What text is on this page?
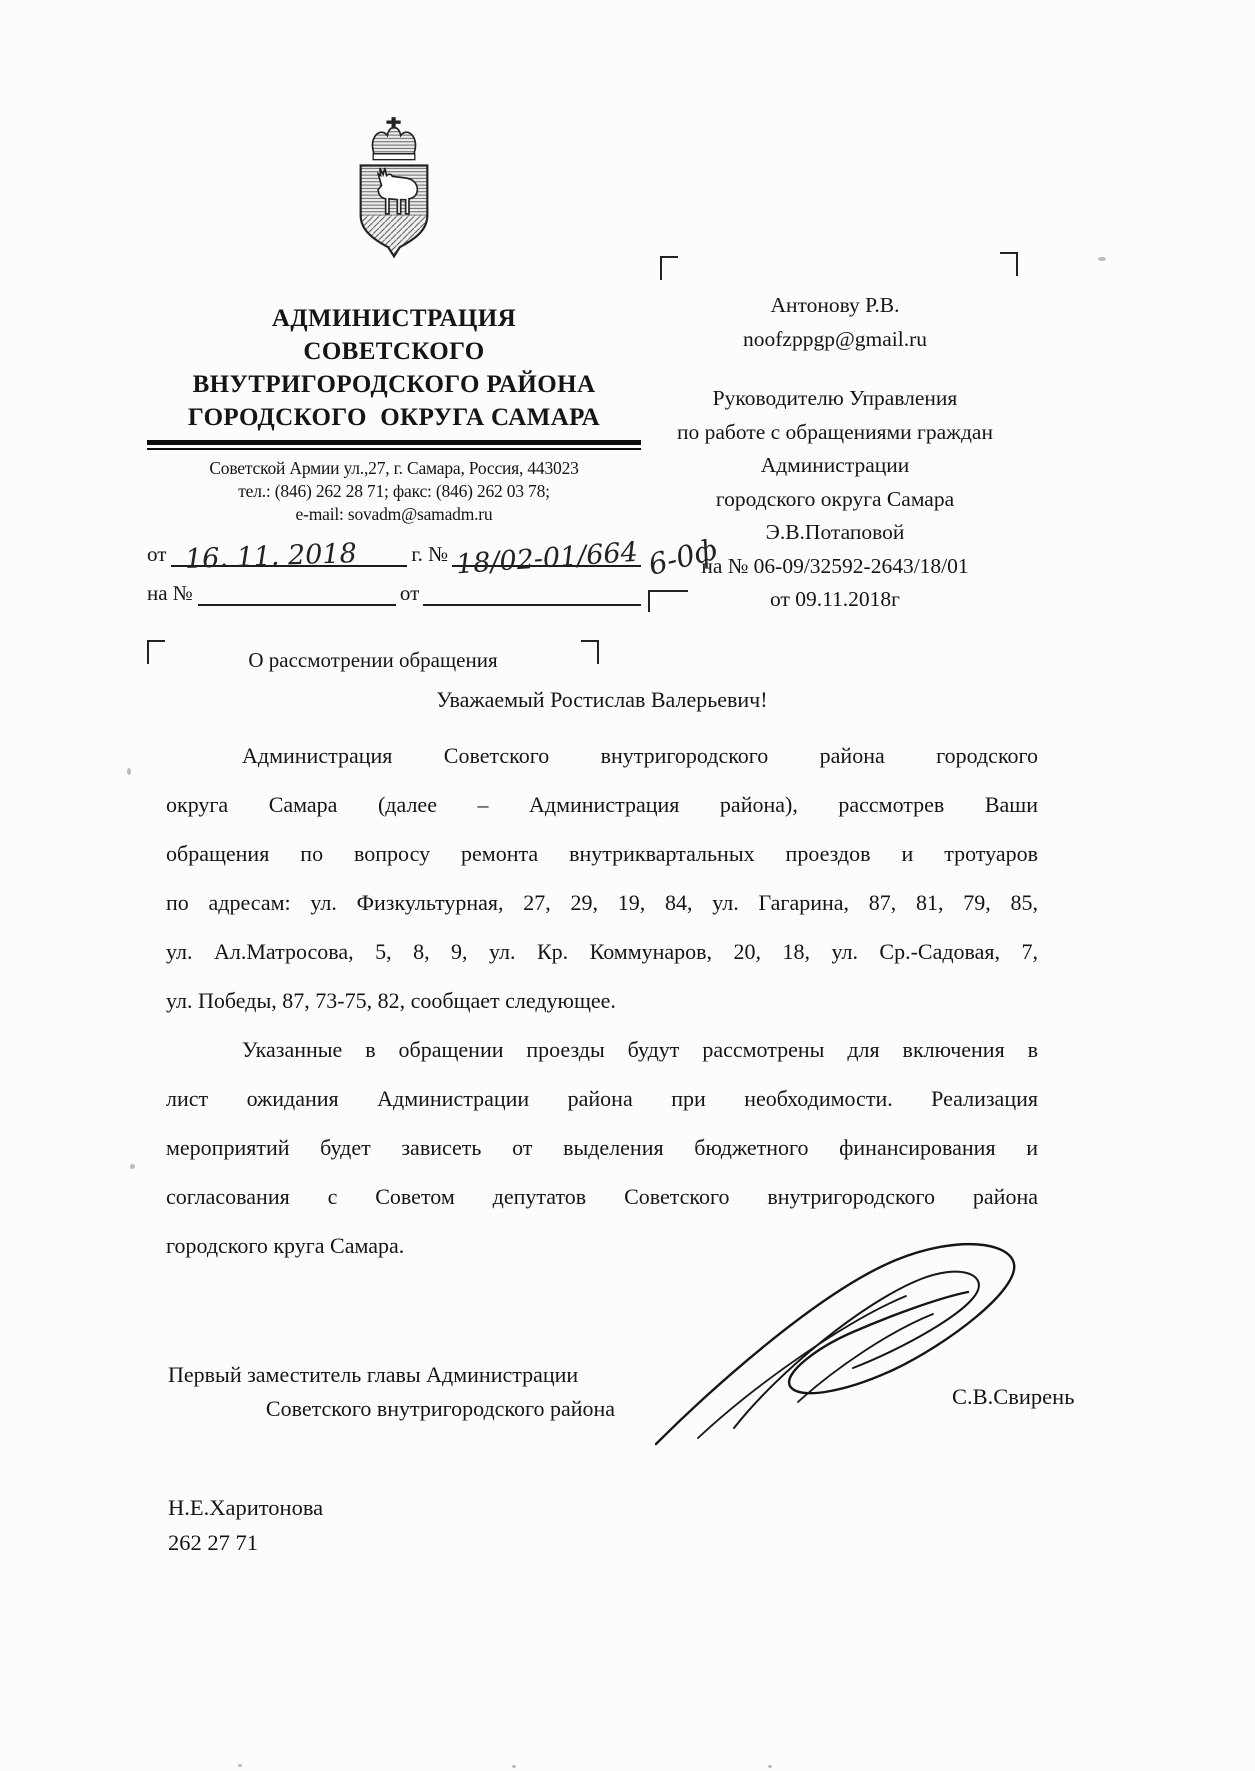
АДМИНИСТРАЦИЯ
СОВЕТСКОГО
ВНУТРИГОРОДСКОГО РАЙОНА
ГОРОДСКОГО  ОКРУГА САМАРА
Советской Армии ул.,27, г. Самара, Россия, 443023
тел.: (846) 262 28 71; факс: (846) 262 03 78;
e-mail: sovadm@samadm.ru
от 16. 11. 2018	г. № 18/02-01/664
на №	от
О рассмотрении обращения
6-0ф
Антонову Р.В.
noofzppgp@gmail.ru
Руководителю Управления
по работе с обращениями граждан
Администрации
городского округа Самара
Э.В.Потаповой
на № 06-09/32592-2643/18/01
от 09.11.2018г
Уважаемый Ростислав Валерьевич!
Администрация Советского внутригородского района городского
округа Самара (далее – Администрация района), рассмотрев Ваши
обращения по вопросу ремонта внутриквартальных проездов и тротуаров
по адресам: ул. Физкультурная, 27, 29, 19, 84, ул. Гагарина, 87, 81, 79, 85,
ул. Ал.Матросова, 5, 8, 9, ул. Кр. Коммунаров, 20, 18, ул. Ср.-Садовая, 7,
ул. Победы, 87, 73-75, 82, сообщает следующее.
Указанные в обращении проезды будут рассмотрены для включения в
лист ожидания Администрации района при необходимости. Реализация
мероприятий будет зависеть от выделения бюджетного финансирования и
согласования с Советом депутатов Советского внутригородского района
городского круга Самара.
Первый заместитель главы Администрации
Советского внутригородского района	С.В.Свирень
Н.Е.Харитонова
262 27 71
